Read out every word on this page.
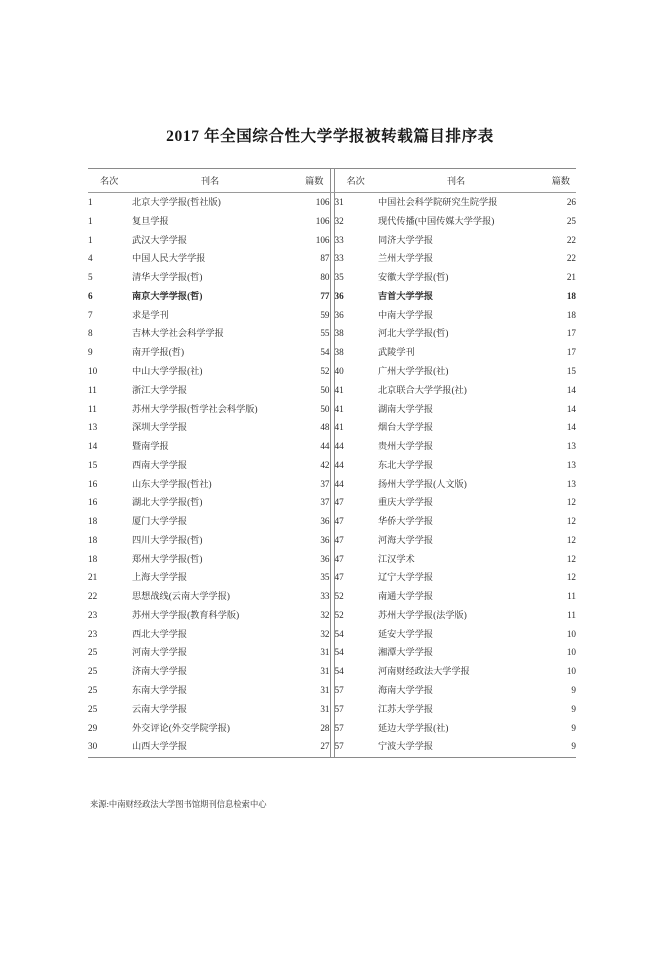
2017 年全国综合性大学学报被转载篇目排序表
名次	刊名	篇数		名次	刊名	篇数
1	北京大学学报(哲社版)	106		31	中国社会科学院研究生院学报	26
1	复旦学报	106		32	现代传播(中国传媒大学学报)	25
1	武汉大学学报	106		33	同济大学学报	22
4	中国人民大学学报	87		33	兰州大学学报	22
5	清华大学学报(哲)	80		35	安徽大学学报(哲)	21
6	南京大学学报(哲)	77		36	吉首大学学报	18
7	求是学刊	59		36	中南大学学报	18
8	吉林大学社会科学学报	55		38	河北大学学报(哲)	17
9	南开学报(哲)	54		38	武陵学刊	17
10	中山大学学报(社)	52		40	广州大学学报(社)	15
11	浙江大学学报	50		41	北京联合大学学报(社)	14
11	苏州大学学报(哲学社会科学版)	50		41	湖南大学学报	14
13	深圳大学学报	48		41	烟台大学学报	14
14	暨南学报	44		44	贵州大学学报	13
15	西南大学学报	42		44	东北大学学报	13
16	山东大学学报(哲社)	37		44	扬州大学学报(人文版)	13
16	湖北大学学报(哲)	37		47	重庆大学学报	12
18	厦门大学学报	36		47	华侨大学学报	12
18	四川大学学报(哲)	36		47	河海大学学报	12
18	郑州大学学报(哲)	36		47	江汉学术	12
21	上海大学学报	35		47	辽宁大学学报	12
22	思想战线(云南大学学报)	33		52	南通大学学报	11
23	苏州大学学报(教育科学版)	32		52	苏州大学学报(法学版)	11
23	西北大学学报	32		54	延安大学学报	10
25	河南大学学报	31		54	湘潭大学学报	10
25	济南大学学报	31		54	河南财经政法大学学报	10
25	东南大学学报	31		57	海南大学学报	9
25	云南大学学报	31		57	江苏大学学报	9
29	外交评论(外交学院学报)	28		57	延边大学学报(社)	9
30	山西大学学报	27		57	宁波大学学报	9
来源:中南财经政法大学图书馆期刊信息检索中心
